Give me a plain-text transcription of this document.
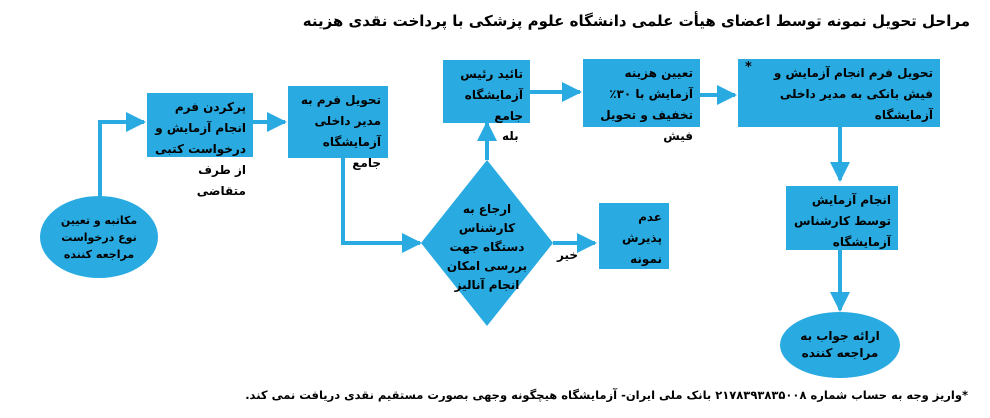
مراحل تحویل نمونه توسط اعضای هیأت علمی دانشگاه علوم پزشکی با پرداخت نقدی هزینه
مکاتبه و تعیین نوع درخواست مراجعه کننده
پرکردن فرم انجام آزمایش و درخواست کتبی از طرف متقاضی
تحویل فرم به مدیر داخلی آزمایشگاه جامع
تائید رئیس آزمایشگاه جامع
تعیین هزینه آزمایش با ۳۰٪ تخفیف و تحویل فیش
تحویل فرم انجام آزمایش و فیش بانکی به مدیر داخلی آزمایشگاه
*
انجام آزمایش توسط کارشناس آزمایشگاه
عدم پذیرش نمونه
ارائه جواب به مراجعه کننده
ارجاع به کارشناس دستگاه جهت بررسی امکان انجام آنالیز
بله
خیر
*واریز وجه به حساب شماره ۲۱۷۸۳۹۳۸۳۵۰۰۸ بانک ملی ایران- آزمایشگاه هیچگونه وجهی بصورت مستقیم نقدی دریافت نمی کند.
